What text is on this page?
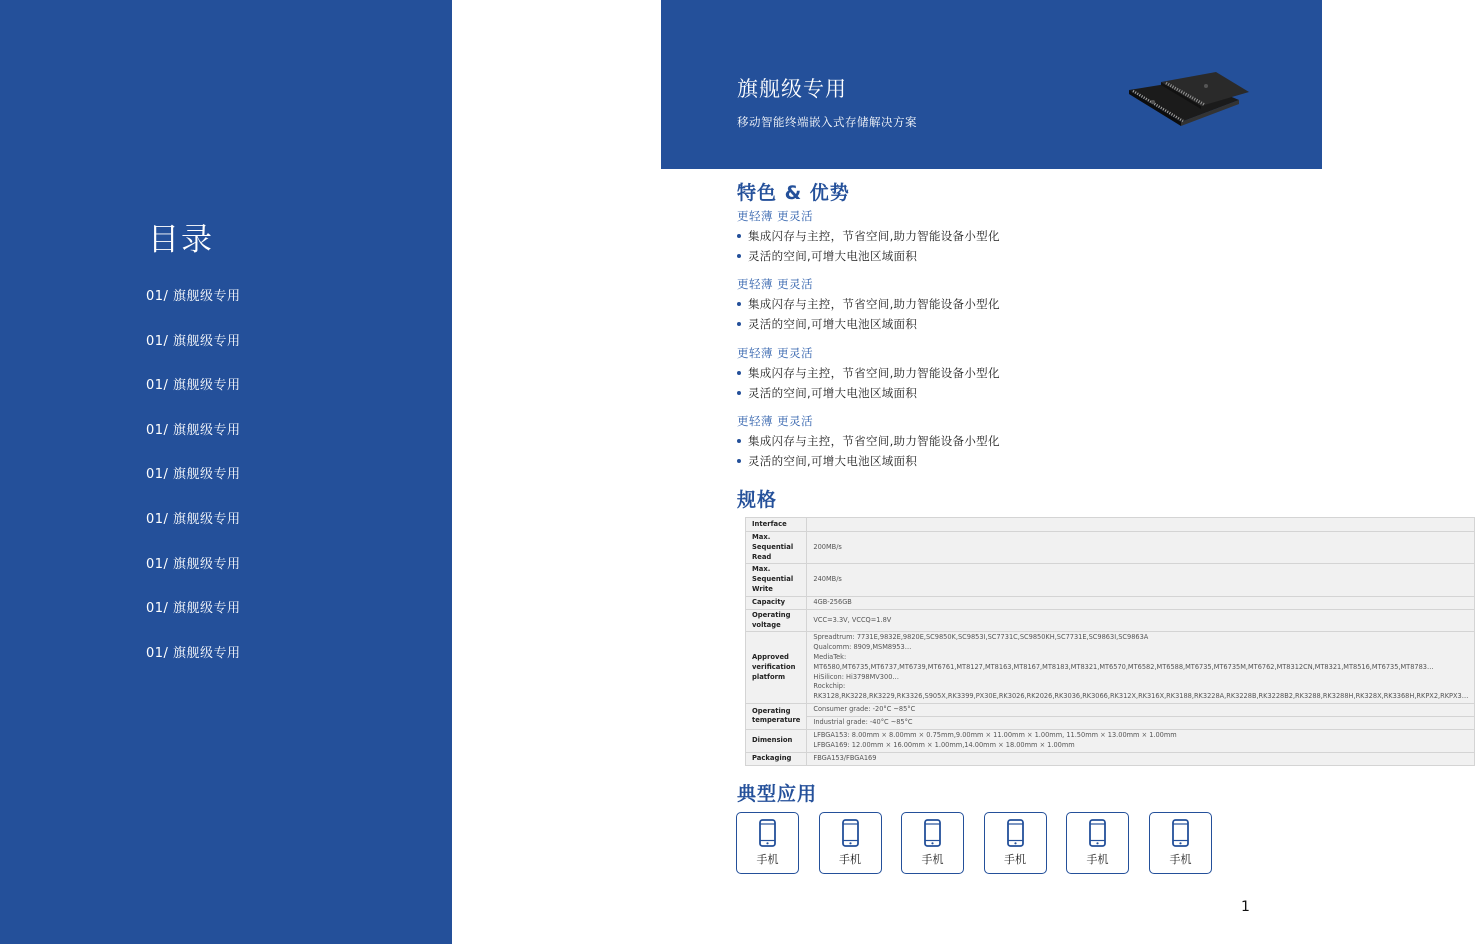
目录
01/ 旗舰级专用
01/ 旗舰级专用
01/ 旗舰级专用
01/ 旗舰级专用
01/ 旗舰级专用
01/ 旗舰级专用
01/ 旗舰级专用
01/ 旗舰级专用
01/ 旗舰级专用
旗舰级专用
移动智能终端嵌入式存储解决方案
特色 & 优势
更轻薄 更灵活
集成闪存与主控，节省空间,助力智能设备小型化
灵活的空间,可增大电池区域面积
更轻薄 更灵活
集成闪存与主控，节省空间,助力智能设备小型化
灵活的空间,可增大电池区域面积
更轻薄 更灵活
集成闪存与主控，节省空间,助力智能设备小型化
灵活的空间,可增大电池区域面积
更轻薄 更灵活
集成闪存与主控，节省空间,助力智能设备小型化
灵活的空间,可增大电池区域面积
规格
Interface	
Max. Sequential Read	200MB/s
Max. Sequential Write	240MB/s
Capacity	4GB-256GB
Operating voltage	VCC=3.3V, VCCQ=1.8V
Approved verification platform	Spreadtrum: 7731E,9832E,9820E,SC9850K,SC9853I,SC7731C,SC9850KH,SC7731E,SC9863I,SC9863A
Qualcomm: 8909,MSM8953…
MediaTek: MT6580,MT6735,MT6737,MT6739,MT6761,MT8127,MT8163,MT8167,MT8183,MT8321,MT6570,MT6582,MT6588,MT6735,MT6735M,MT6762,MT8312CN,MT8321,MT8516,MT6735,MT8783…
HiSilicon: Hi3798MV300…
Rockchip: RK3128,RK3228,RK3229,RK3326,S905X,RK3399,PX30E,RK3026,RK2026,RK3036,RK3066,RK312X,RK316X,RK3188,RK3228A,RK3228B,RK3228B2,RK3288,RK3288H,RK328X,RK3368H,RKPX2,RKPX3…
Operating temperature	Consumer grade: -20°C ~85°C
	Industrial grade: -40°C ~85°C
Dimension	LFBGA153: 8.00mm × 8.00mm × 0.75mm,9.00mm × 11.00mm × 1.00mm, 11.50mm × 13.00mm × 1.00mm
LFBGA169: 12.00mm × 16.00mm × 1.00mm,14.00mm × 18.00mm × 1.00mm
Packaging	FBGA153/FBGA169
典型应用
手机	手机	手机	手机	手机	手机
1
